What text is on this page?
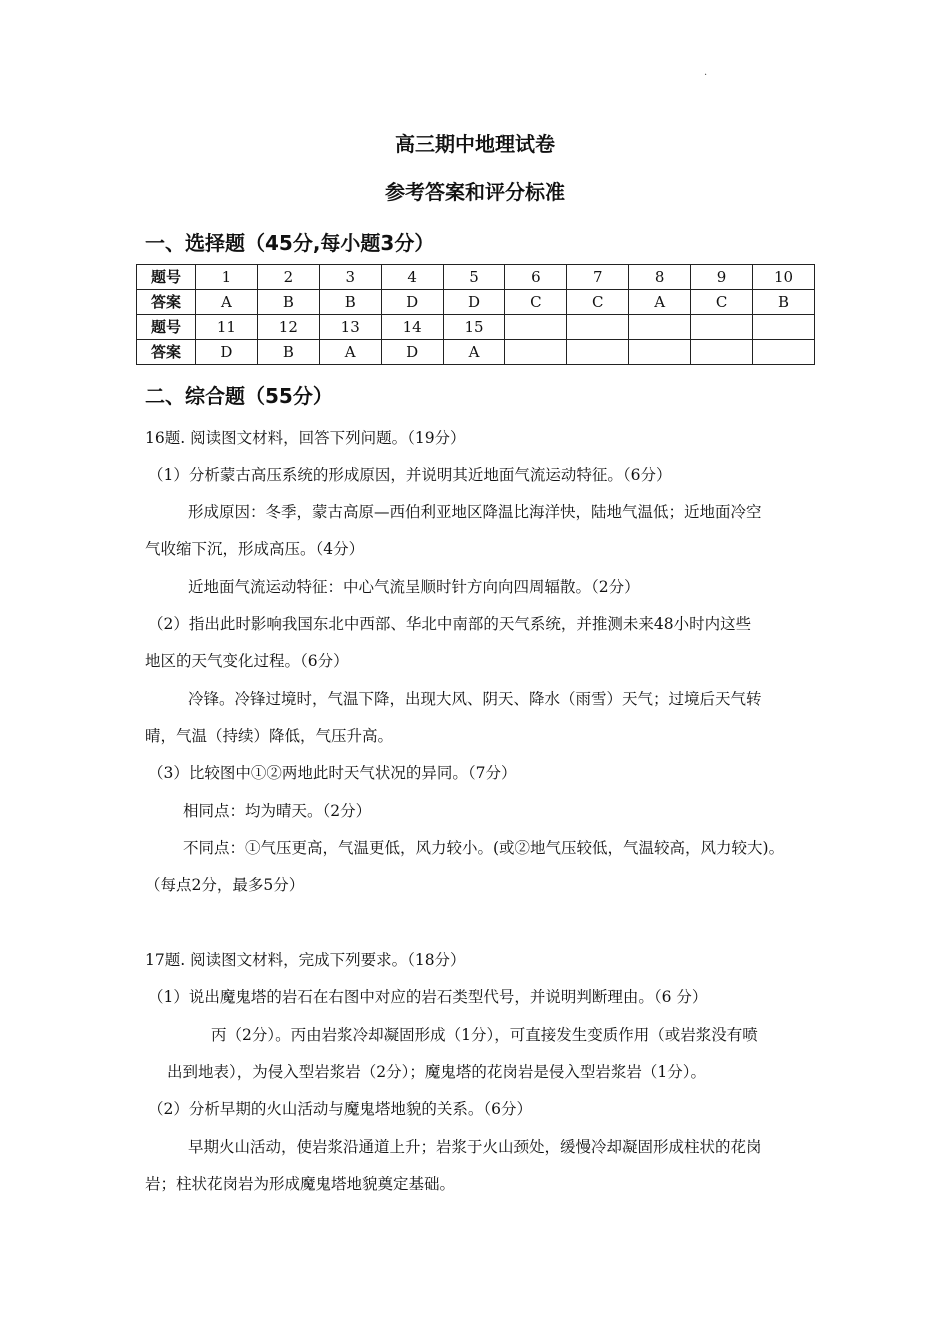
·
高三期中地理试卷
参考答案和评分标准
一、选择题（45分,每小题3分）
题号	1	2	3	4	5	6	7	8	9	10
答案	A	B	B	D	D	C	C	A	C	B
题号	11	12	13	14	15					
答案	D	B	A	D	A					
二、综合题（55分）
16题. 阅读图文材料，回答下列问题。（19分）
（1）分析蒙古高压系统的形成原因，并说明其近地面气流运动特征。（6分）
形成原因：冬季，蒙古高原—西伯利亚地区降温比海洋快，陆地气温低；近地面冷空
气收缩下沉，形成高压。（4分）
近地面气流运动特征：中心气流呈顺时针方向向四周辐散。（2分）
（2）指出此时影响我国东北中西部、华北中南部的天气系统，并推测未来48小时内这些
地区的天气变化过程。（6分）
冷锋。冷锋过境时，气温下降，出现大风、阴天、降水（雨雪）天气；过境后天气转
晴，气温（持续）降低，气压升高。
（3）比较图中①②两地此时天气状况的异同。（7分）
相同点：均为晴天。（2分）
不同点：①气压更高，气温更低，风力较小。(或②地气压较低，气温较高，风力较大)。
（每点2分，最多5分）
17题. 阅读图文材料，完成下列要求。（18分）
（1）说出魔鬼塔的岩石在右图中对应的岩石类型代号，并说明判断理由。（6 分）
丙（2分）。丙由岩浆冷却凝固形成（1分），可直接发生变质作用（或岩浆没有喷
出到地表），为侵入型岩浆岩（2分）；魔鬼塔的花岗岩是侵入型岩浆岩（1分）。
（2）分析早期的火山活动与魔鬼塔地貌的关系。（6分）
早期火山活动，使岩浆沿通道上升；岩浆于火山颈处，缓慢冷却凝固形成柱状的花岗
岩；柱状花岗岩为形成魔鬼塔地貌奠定基础。
